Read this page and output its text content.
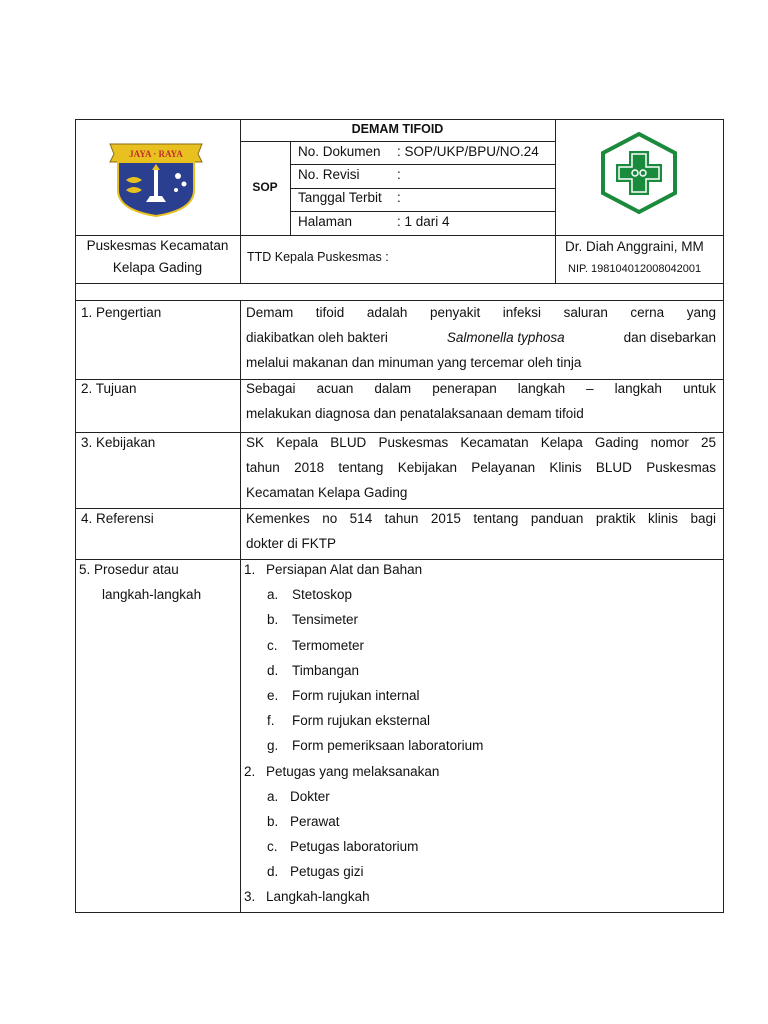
JAYA · RAYA
DEMAM TIFOID
SOP
No. Dokumen : SOP/UKP/BPU/NO.24
No. Revisi	:
Tanggal Terbit :
Halaman	: 1 dari 4
Puskesmas Kecamatan
Kelapa Gading
TTD Kepala Puskesmas :
Dr. Diah Anggraini, MM
NIP. 198104012008042001
1. Pengertian	Demam tifoid adalah penyakit infeksi saluran cerna yang
diakibatkan oleh bakteri	Salmonella typhosa	dan disebarkan
melalui makanan dan minuman yang tercemar oleh tinja
2. Tujuan	Sebagai acuan dalam penerapan langkah – langkah untuk
melakukan diagnosa dan penatalaksanaan demam tifoid
3. Kebijakan	SK Kepala BLUD Puskesmas Kecamatan Kelapa Gading nomor 25
tahun 2018 tentang Kebijakan Pelayanan Klinis BLUD Puskesmas
Kecamatan Kelapa Gading
4. Referensi	Kemenkes no 514 tahun 2015 tentang panduan praktik klinis bagi
dokter di FKTP
5. Prosedur atau
langkah-langkah
1. Persiapan Alat dan Bahan
a.	Stetoskop
b.	Tensimeter
c.	Termometer
d.	Timbangan
e.	Form rujukan internal
f.	Form rujukan eksternal
g.	Form pemeriksaan laboratorium
2. Petugas yang melaksanakan
a. Dokter
b. Perawat
c. Petugas laboratorium
d. Petugas gizi
3. Langkah-langkah
